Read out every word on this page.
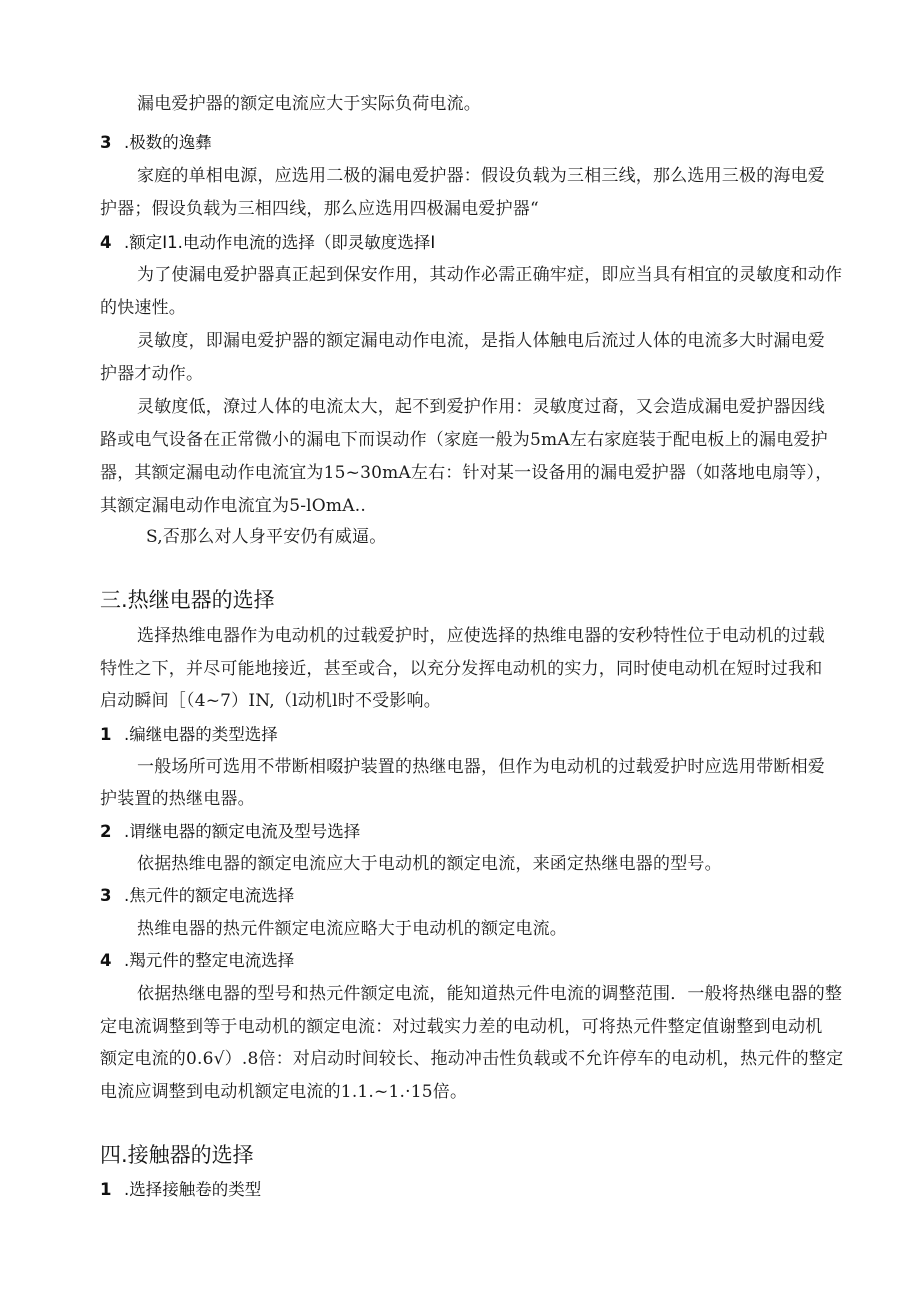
漏电爱护器的额定电流应大于实际负荷电流。
3 .极数的逸彝
家庭的单相电源，应选用二极的漏电爱护器：假设负载为三相三线，那么选用三极的海电爱
护器；假设负载为三相四线，那么应选用四极漏电爱护器“
4 .额定I1.电动作电流的选择（即灵敏度选择I
为了使漏电爱护器真正起到保安作用，其动作必需正确牢症，即应当具有相宜的灵敏度和动作
的快速性。
灵敏度，即漏电爱护器的额定漏电动作电流，是指人体触电后流过人体的电流多大时漏电爱
护器才动作。
灵敏度低，潦过人体的电流太大，起不到爱护作用：灵敏度过裔，又会造成漏电爱护器因线
路或电气设备在正常微小的漏电下而误动作（家庭一般为5mA左右家庭装于配电板上的漏电爱护
器，其额定漏电动作电流宜为15~30mA左右：针对某一设备用的漏电爱护器（如落地电扇等），
其额定漏电动作电流宜为5-lOmA..
S,否那么对人身平安仍有威逼。
三.热继电器的选择
选择热维电器作为电动机的过载爱护时，应使选择的热维电器的安秒特性位于电动机的过载
特性之下，并尽可能地接近，甚至或合，以充分发挥电动机的实力，同时使电动机在短时过我和
启动瞬间［（4~7）IN,（l动机l时不受影响。
1 .编继电器的类型选择
一般场所可选用不带断相啜护装置的热继电器，但作为电动机的过载爱护时应选用带断相爱
护装置的热继电器。
2 .谓继电器的额定电流及型号选择
依据热维电器的额定电流应大于电动机的额定电流，来函定热继电器的型号。
3 .焦元件的额定电流选择
热维电器的热元件额定电流应略大于电动机的额定电流。
4 .羯元件的整定电流选择
依据热继电器的型号和热元件额定电流，能知道热元件电流的调整范围．一般将热继电器的整
定电流调整到等于电动机的额定电流：对过载实力差的电动机，可将热元件整定值谢整到电动机
额定电流的0.6√）.8倍：对启动时间较长、拖动冲击性负载或不允许停车的电动机，热元件的整定
电流应调整到电动机额定电流的1.1.~1.·15倍。
四.接触器的选择
1 .选择接触卷的类型
